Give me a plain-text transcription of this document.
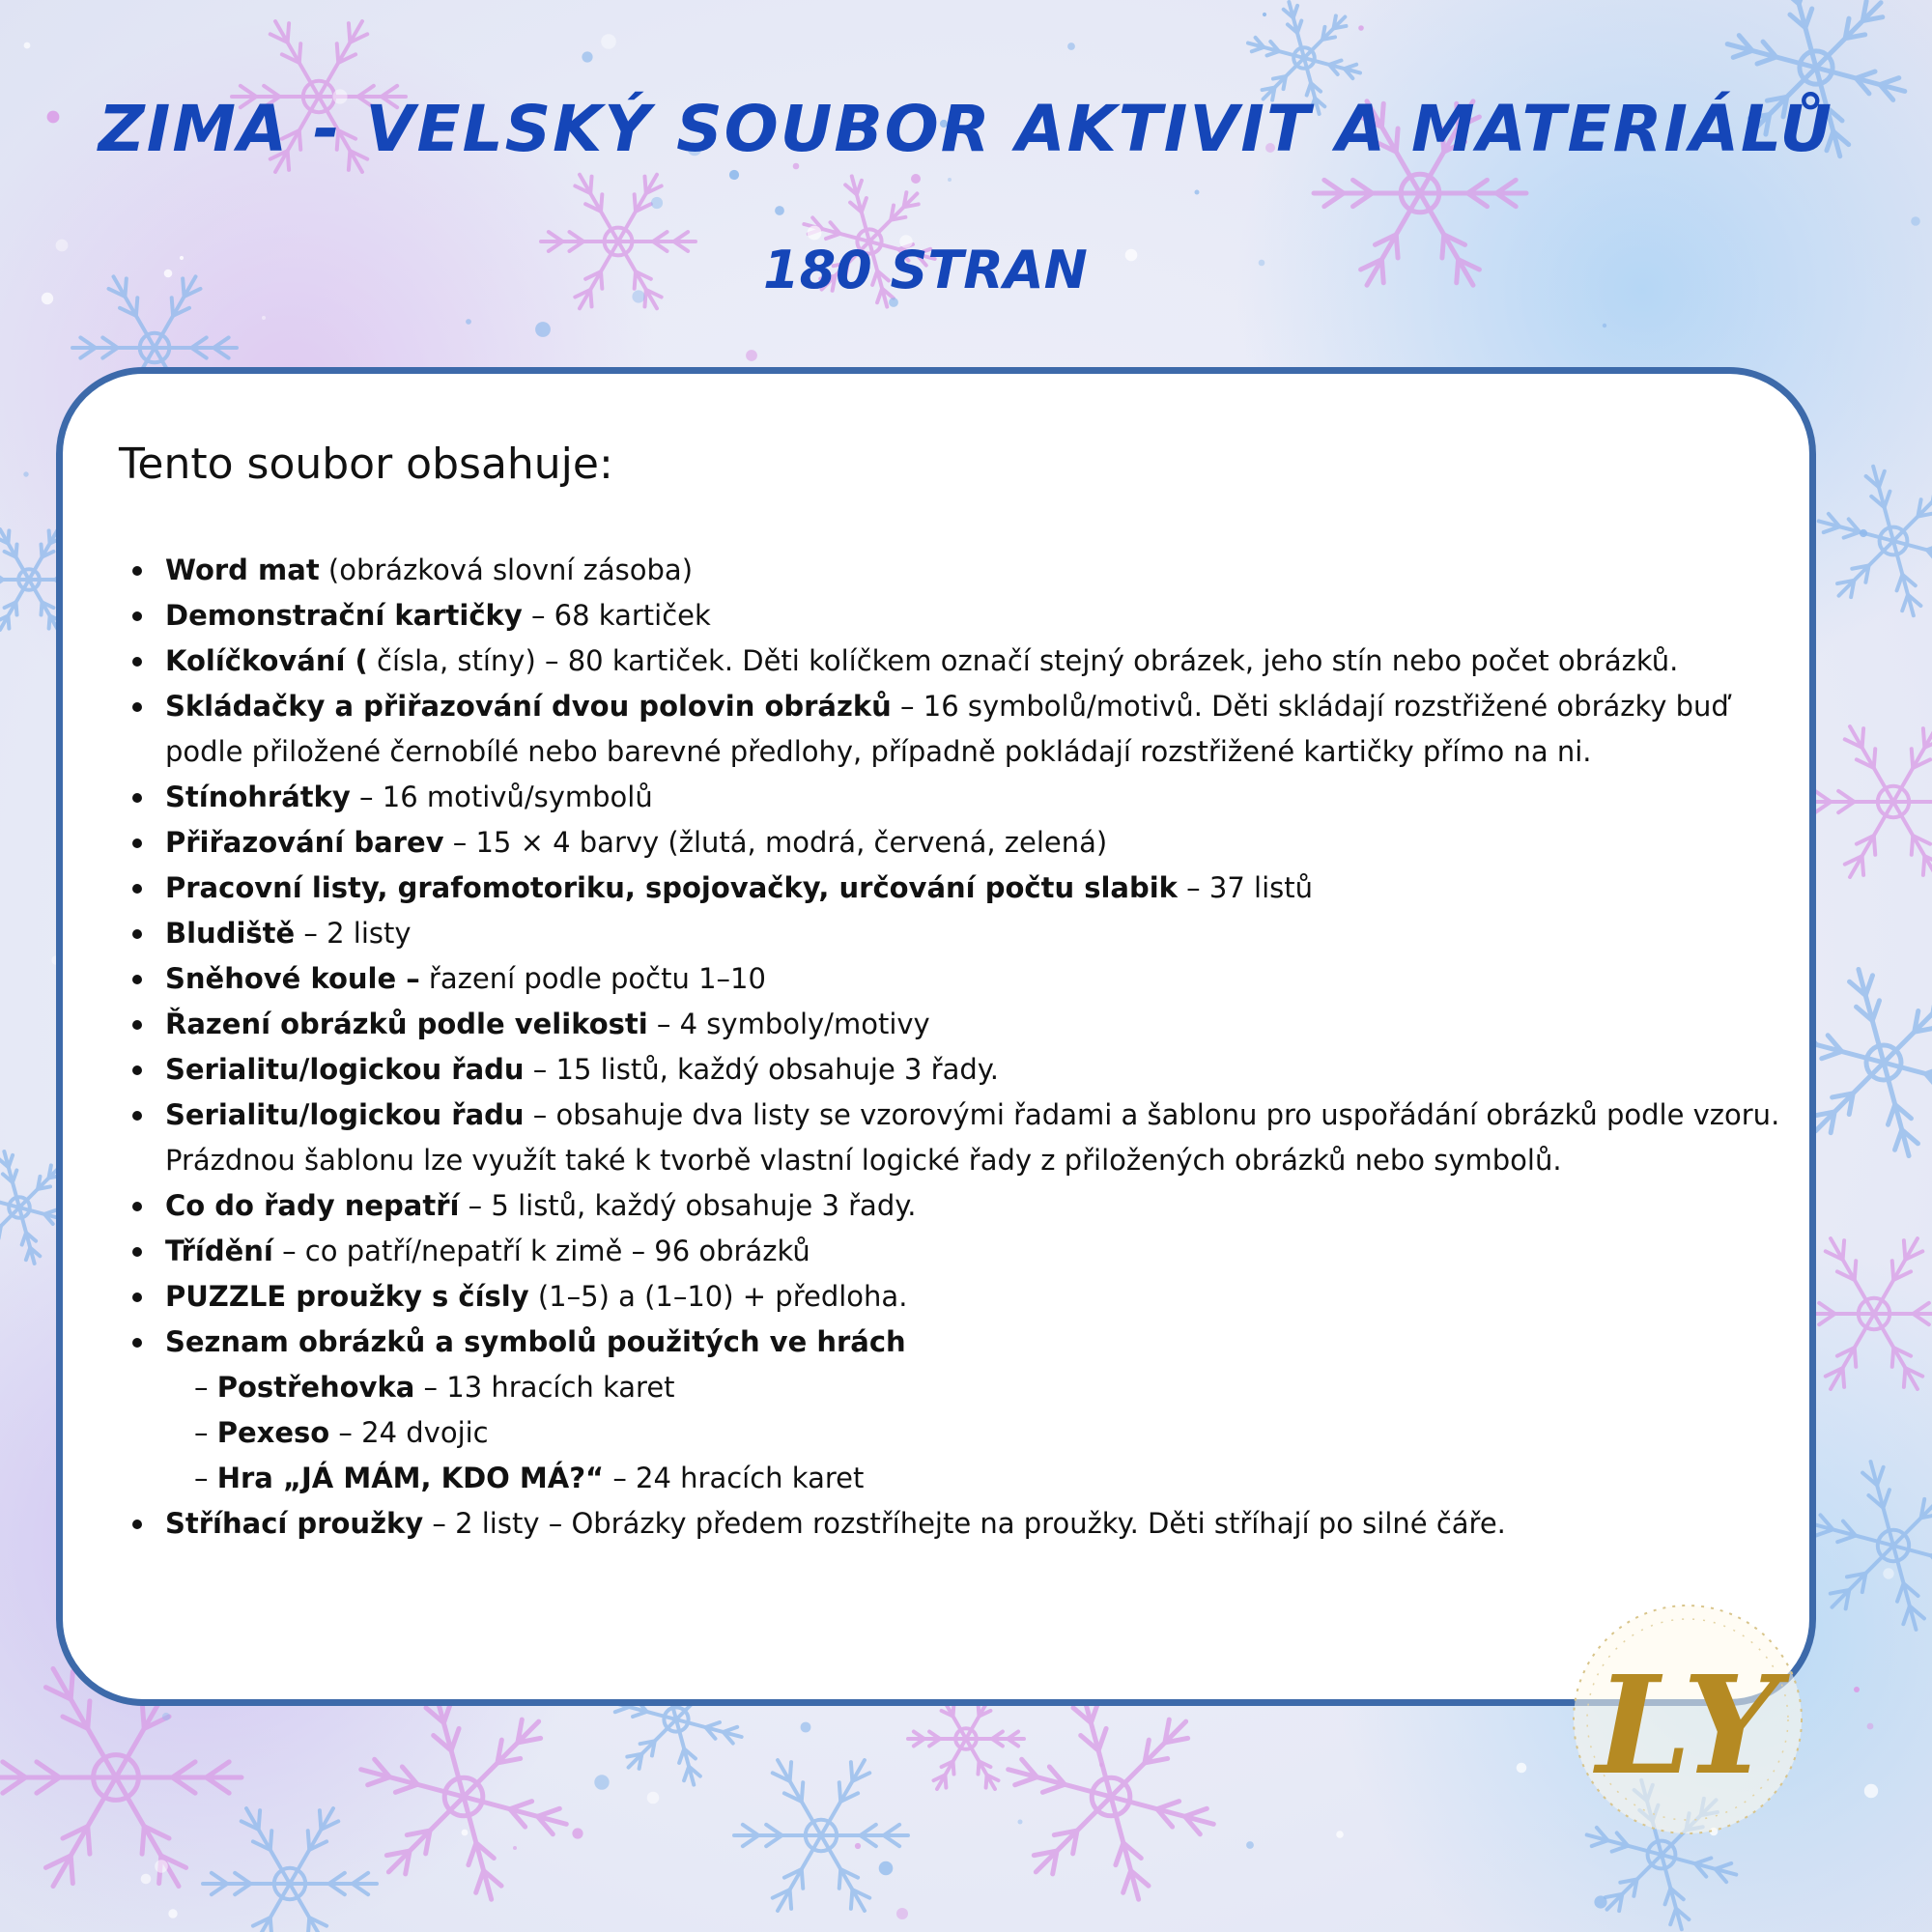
ZIMA - VELSKÝ SOUBOR AKTIVIT A MATERIÁLŮ
180 STRAN
Tento soubor obsahuje:
Word mat (obrázková slovní zásoba)
Demonstrační kartičky – 68 kartiček
Kolíčkování ( čísla, stíny) – 80 kartiček. Děti kolíčkem označí stejný obrázek, jeho stín nebo počet obrázků.
Skládačky a přiřazování dvou polovin obrázků – 16 symbolů/motivů. Děti skládají rozstřižené obrázky buď podle přiložené černobílé nebo barevné předlohy, případně pokládají rozstřižené kartičky přímo na ni.
Stínohrátky – 16 motivů/symbolů
Přiřazování barev – 15 × 4 barvy (žlutá, modrá, červená, zelená)
Pracovní listy, grafomotoriku, spojovačky, určování počtu slabik – 37 listů
Bludiště – 2 listy
Sněhové koule – řazení podle počtu 1–10
Řazení obrázků podle velikosti – 4 symboly/motivy
Serialitu/logickou řadu – 15 listů, každý obsahuje 3 řady.
Serialitu/logickou řadu – obsahuje dva listy se vzorovými řadami a šablonu pro uspořádání obrázků podle vzoru. Prázdnou šablonu lze využít také k tvorbě vlastní logické řady z přiložených obrázků nebo symbolů.
Co do řady nepatří – 5 listů, každý obsahuje 3 řady.
Třídění – co patří/nepatří k zimě – 96 obrázků
PUZZLE proužky s čísly (1–5) a (1–10) + předloha.
Seznam obrázků a symbolů použitých ve hrách
– Postřehovka – 13 hracích karet
– Pexeso – 24 dvojic
– Hra „JÁ MÁM, KDO MÁ?“ – 24 hracích karet
Stříhací proužky – 2 listy – Obrázky předem rozstříhejte na proužky. Děti stříhají po silné čáře.
LY
